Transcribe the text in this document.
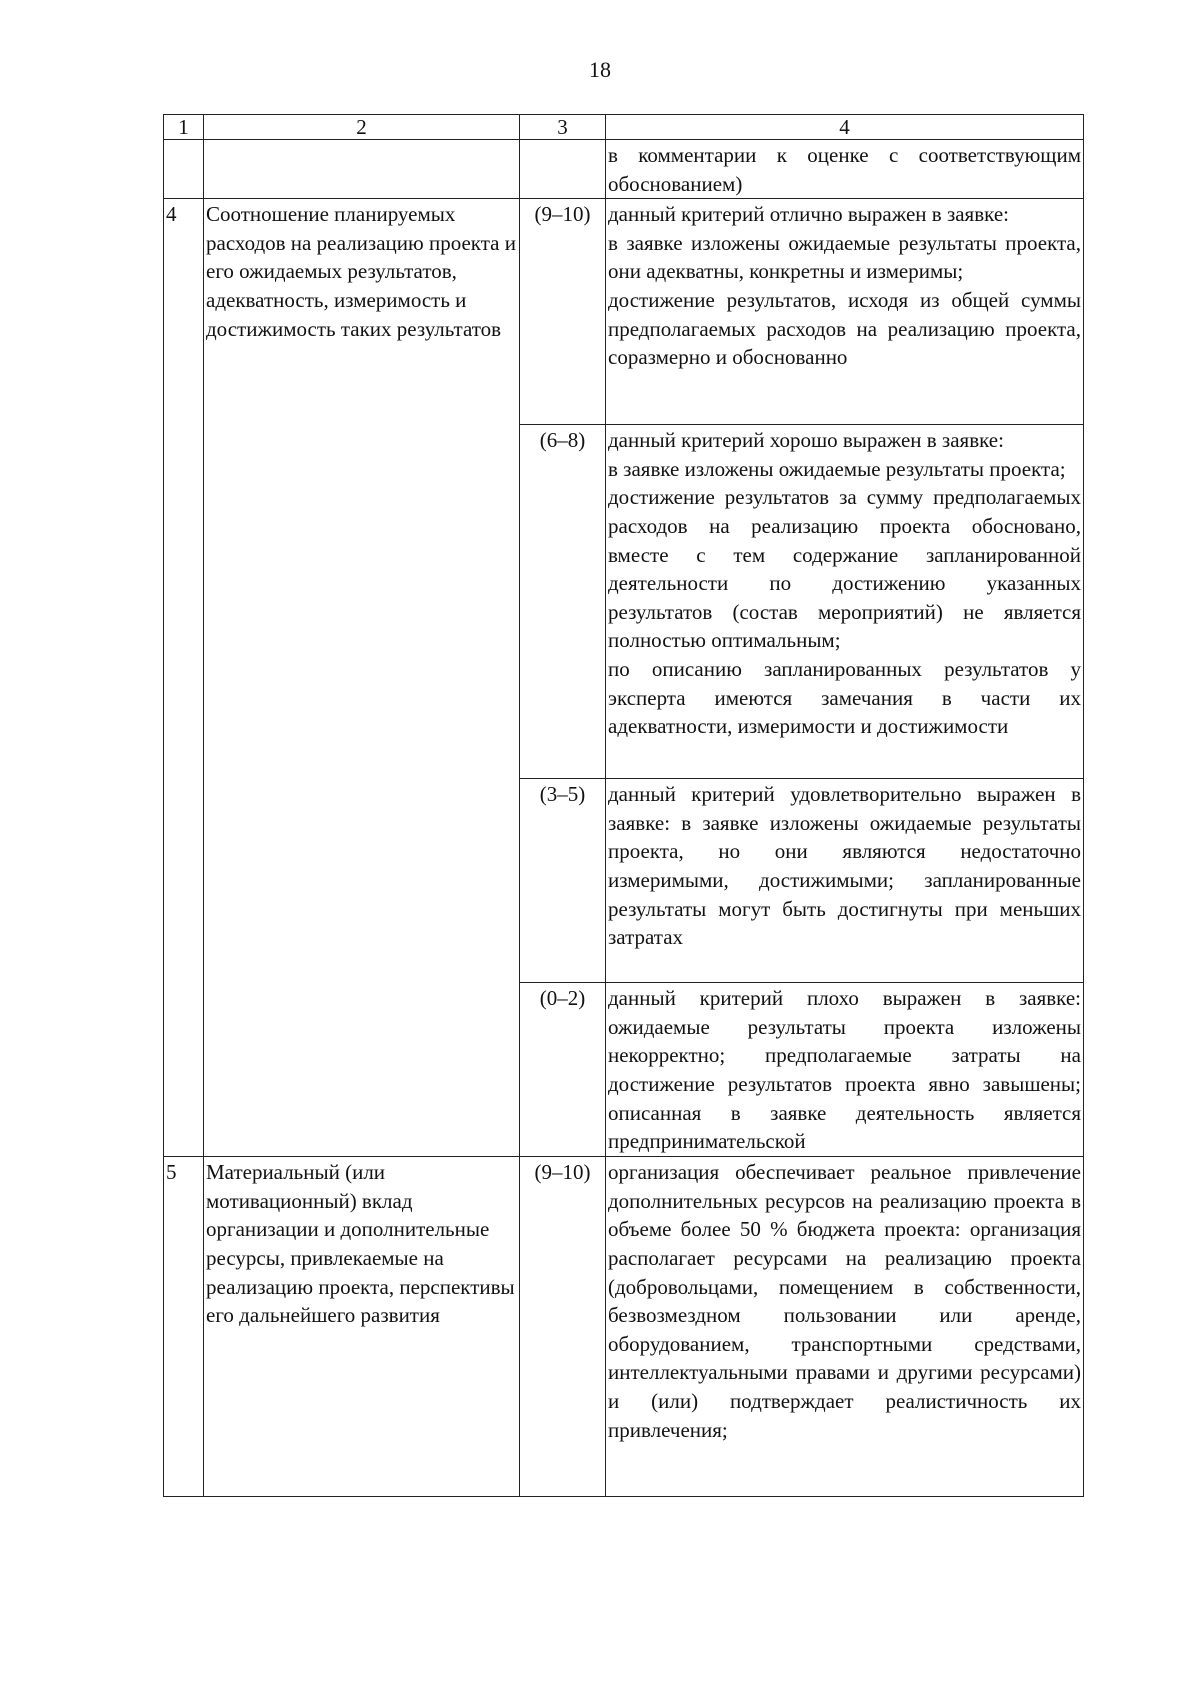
18
1	2	3	4

			в комментарии к оценке с соответствующим обоснованием)

4	Соотношение планируемых расходов на реализацию проекта и его ожидаемых результатов, адекватность, измеримость и достижимость таких результатов	(9–10)	данный критерий отлично выражен в заявке:
в заявке изложены ожидаемые результаты проекта, они адекватны, конкретны и измеримы;
достижение результатов, исходя из общей суммы предполагаемых расходов на реализацию проекта, соразмерно и обоснованно

		(6–8)	данный критерий хорошо выражен в заявке:
в заявке изложены ожидаемые результаты проекта;
достижение результатов за сумму предполагаемых расходов на реализацию проекта обосновано, вместе с тем содержание запланированной деятельности по достижению указанных результатов (состав мероприятий) не является полностью оптимальным;
по описанию запланированных результатов у эксперта имеются замечания в части их адекватности, измеримости и достижимости

		(3–5)	данный критерий удовлетворительно выражен в заявке: в заявке изложены ожидаемые результаты проекта, но они являются недостаточно измеримыми, достижимыми; запланированные результаты могут быть достигнуты при меньших затратах

		(0–2)	данный критерий плохо выражен в заявке: ожидаемые результаты проекта изложены некорректно; предполагаемые затраты на достижение результатов проекта явно завышены; описанная в заявке деятельность является предпринимательской

5	Материальный (или мотивационный) вклад организации и дополнительные ресурсы, привлекаемые на реализацию проекта, перспективы его дальнейшего развития	(9–10)	организация обеспечивает реальное привлечение дополнительных ресурсов на реализацию проекта в объеме более 50 % бюджета проекта: организация располагает ресурсами на реализацию проекта (добровольцами, помещением в собственности, безвозмездном пользовании или аренде, оборудованием, транспортными средствами, интеллектуальными правами и другими ресурсами) и (или) подтверждает реалистичность их привлечения;
